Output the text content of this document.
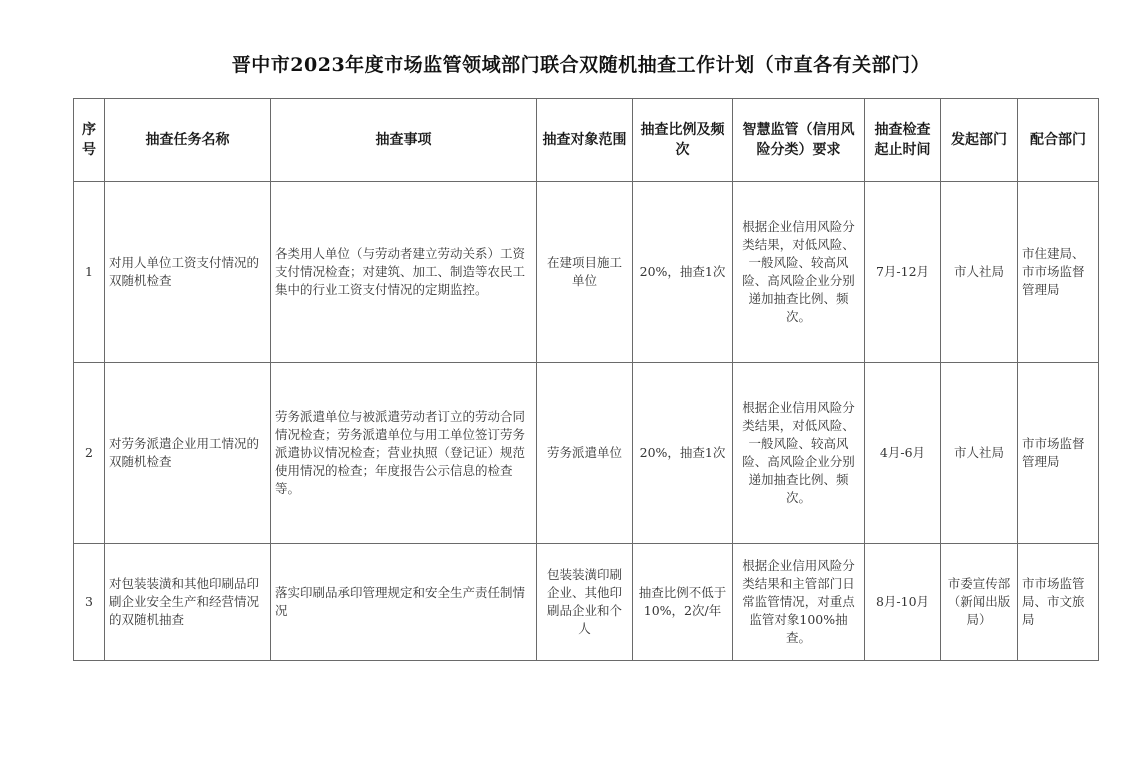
晋中市2023年度市场监管领域部门联合双随机抽查工作计划（市直各有关部门）
序号	抽查任务名称	抽查事项	抽查对象范围	抽查比例及频次	智慧监管（信用风险分类）要求	抽查检查起止时间	发起部门	配合部门
1	对用人单位工资支付情况的双随机检查	各类用人单位（与劳动者建立劳动关系）工资支付情况检查；对建筑、加工、制造等农民工集中的行业工资支付情况的定期监控。	在建项目施工单位	20%，抽查1次	根据企业信用风险分类结果，对低风险、一般风险、较高风险、高风险企业分别递加抽查比例、频次。	7月-12月	市人社局	市住建局、市市场监督管理局
2	对劳务派遣企业用工情况的双随机检查	劳务派遣单位与被派遣劳动者订立的劳动合同情况检查；劳务派遣单位与用工单位签订劳务派遣协议情况检查；营业执照（登记证）规范使用情况的检查；年度报告公示信息的检查等。	劳务派遣单位	20%，抽查1次	根据企业信用风险分类结果，对低风险、一般风险、较高风险、高风险企业分别递加抽查比例、频次。	4月-6月	市人社局	市市场监督管理局
3	对包装装潢和其他印刷品印刷企业安全生产和经营情况的双随机抽查	落实印刷品承印管理规定和安全生产责任制情况	包装装潢印刷企业、其他印刷品企业和个人	抽查比例不低于10%，2次/年	根据企业信用风险分类结果和主管部门日常监管情况，对重点监管对象100%抽查。	8月-10月	市委宣传部（新闻出版局）	市市场监管局、市文旅局
